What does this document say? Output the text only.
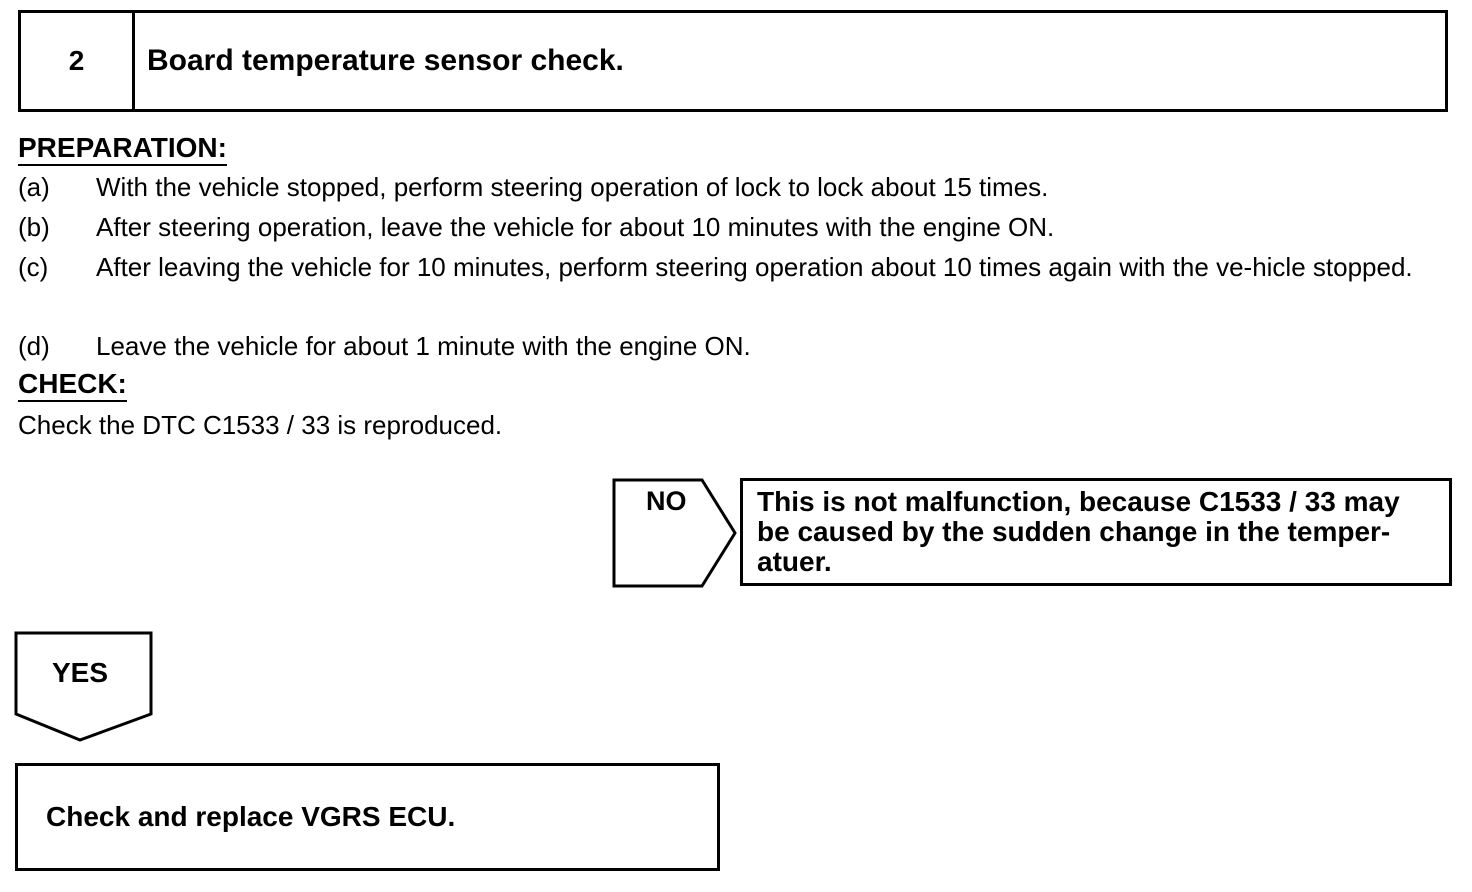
2	Board temperature sensor check.
PREPARATION:
(a) With the vehicle stopped, perform steering operation of lock to lock about 15 times.
(b) After steering operation, leave the vehicle for about 10 minutes with the engine ON.
(c) After leaving the vehicle for 10 minutes, perform steering operation about 10 times again with the ve-hicle stopped.
(d) Leave the vehicle for about 1 minute with the engine ON.
CHECK:
Check the DTC C1533 / 33 is reproduced.
NO	This is not malfunction, because C1533 / 33 may be caused by the sudden change in the temper-atuer.
YES
Check and replace VGRS ECU.
